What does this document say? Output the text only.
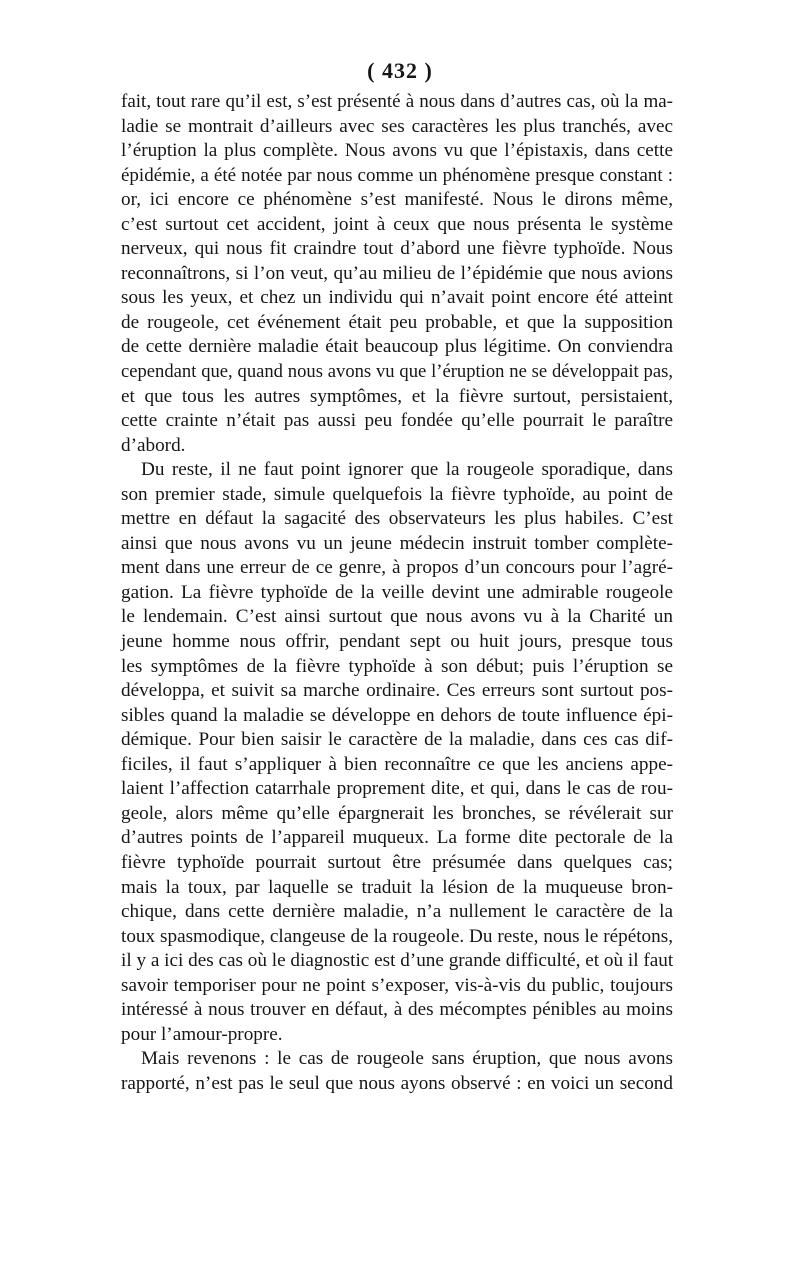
( 432 )
fait, tout rare qu’il est, s’est présenté à nous dans d’autres cas, où la ma-
ladie se montrait d’ailleurs avec ses caractères les plus tranchés, avec
l’éruption la plus complète. Nous avons vu que l’épistaxis, dans cette
épidémie, a été notée par nous comme un phénomène presque constant :
or, ici encore ce phénomène s’est manifesté. Nous le dirons même,
c’est surtout cet accident, joint à ceux que nous présenta le système
nerveux, qui nous fit craindre tout d’abord une fièvre typhoïde. Nous
reconnaîtrons, si l’on veut, qu’au milieu de l’épidémie que nous avions
sous les yeux, et chez un individu qui n’avait point encore été atteint
de rougeole, cet événement était peu probable, et que la supposition
de cette dernière maladie était beaucoup plus légitime. On conviendra
cependant que, quand nous avons vu que l’éruption ne se développait pas,
et que tous les autres symptômes, et la fièvre surtout, persistaient,
cette crainte n’était pas aussi peu fondée qu’elle pourrait le paraître
d’abord.
Du reste, il ne faut point ignorer que la rougeole sporadique, dans
son premier stade, simule quelquefois la fièvre typhoïde, au point de
mettre en défaut la sagacité des observateurs les plus habiles. C’est
ainsi que nous avons vu un jeune médecin instruit tomber complète-
ment dans une erreur de ce genre, à propos d’un concours pour l’agré-
gation. La fièvre typhoïde de la veille devint une admirable rougeole
le lendemain. C’est ainsi surtout que nous avons vu à la Charité un
jeune homme nous offrir, pendant sept ou huit jours, presque tous
les symptômes de la fièvre typhoïde à son début; puis l’éruption se
développa, et suivit sa marche ordinaire. Ces erreurs sont surtout pos-
sibles quand la maladie se développe en dehors de toute influence épi-
démique. Pour bien saisir le caractère de la maladie, dans ces cas dif-
ficiles, il faut s’appliquer à bien reconnaître ce que les anciens appe-
laient l’affection catarrhale proprement dite, et qui, dans le cas de rou-
geole, alors même qu’elle épargnerait les bronches, se révélerait sur
d’autres points de l’appareil muqueux. La forme dite pectorale de la
fièvre typhoïde pourrait surtout être présumée dans quelques cas;
mais la toux, par laquelle se traduit la lésion de la muqueuse bron-
chique, dans cette dernière maladie, n’a nullement le caractère de la
toux spasmodique, clangeuse de la rougeole. Du reste, nous le répétons,
il y a ici des cas où le diagnostic est d’une grande difficulté, et où il faut
savoir temporiser pour ne point s’exposer, vis-à-vis du public, toujours
intéressé à nous trouver en défaut, à des mécomptes pénibles au moins
pour l’amour-propre.
Mais revenons : le cas de rougeole sans éruption, que nous avons
rapporté, n’est pas le seul que nous ayons observé : en voici un second
